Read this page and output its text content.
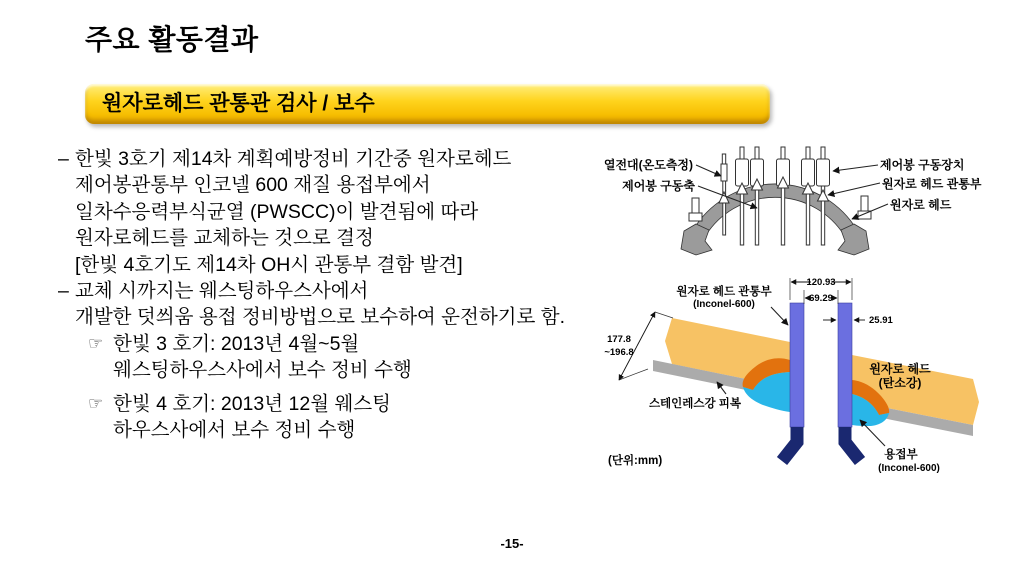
주요 활동결과
원자로헤드 관통관 검사 / 보수
– 한빛 3호기 제14차 계획예방정비 기간중 원자로헤드
제어봉관통부 인코넬 600 재질 용접부에서
일차수응력부식균열 (PWSCC)이 발견됨에 따라
원자로헤드를 교체하는 것으로 결정
[한빛 4호기도 제14차 OH시 관통부 결함 발견]
– 교체 시까지는 웨스팅하우스사에서
개발한 덧씌움 용접 정비방법으로 보수하여 운전하기로 함.
☞ 한빛 3 호기: 2013년 4월~5월
웨스팅하우스사에서 보수 정비 수행
☞ 한빛 4 호기: 2013년 12월 웨스팅
하우스사에서 보수 정비 수행
열전대(온도측정)
제어봉 구동축
제어봉 구동장치
원자로 헤드 관통부
원자로 헤드
120.93
69.29
25.91
177.8
~196.8
원자로 헤드 관통부
(Inconel-600)
원자로 헤드
(탄소강)
스테인레스강 피복
용접부
(Inconel-600)
(단위:mm)
-15-
